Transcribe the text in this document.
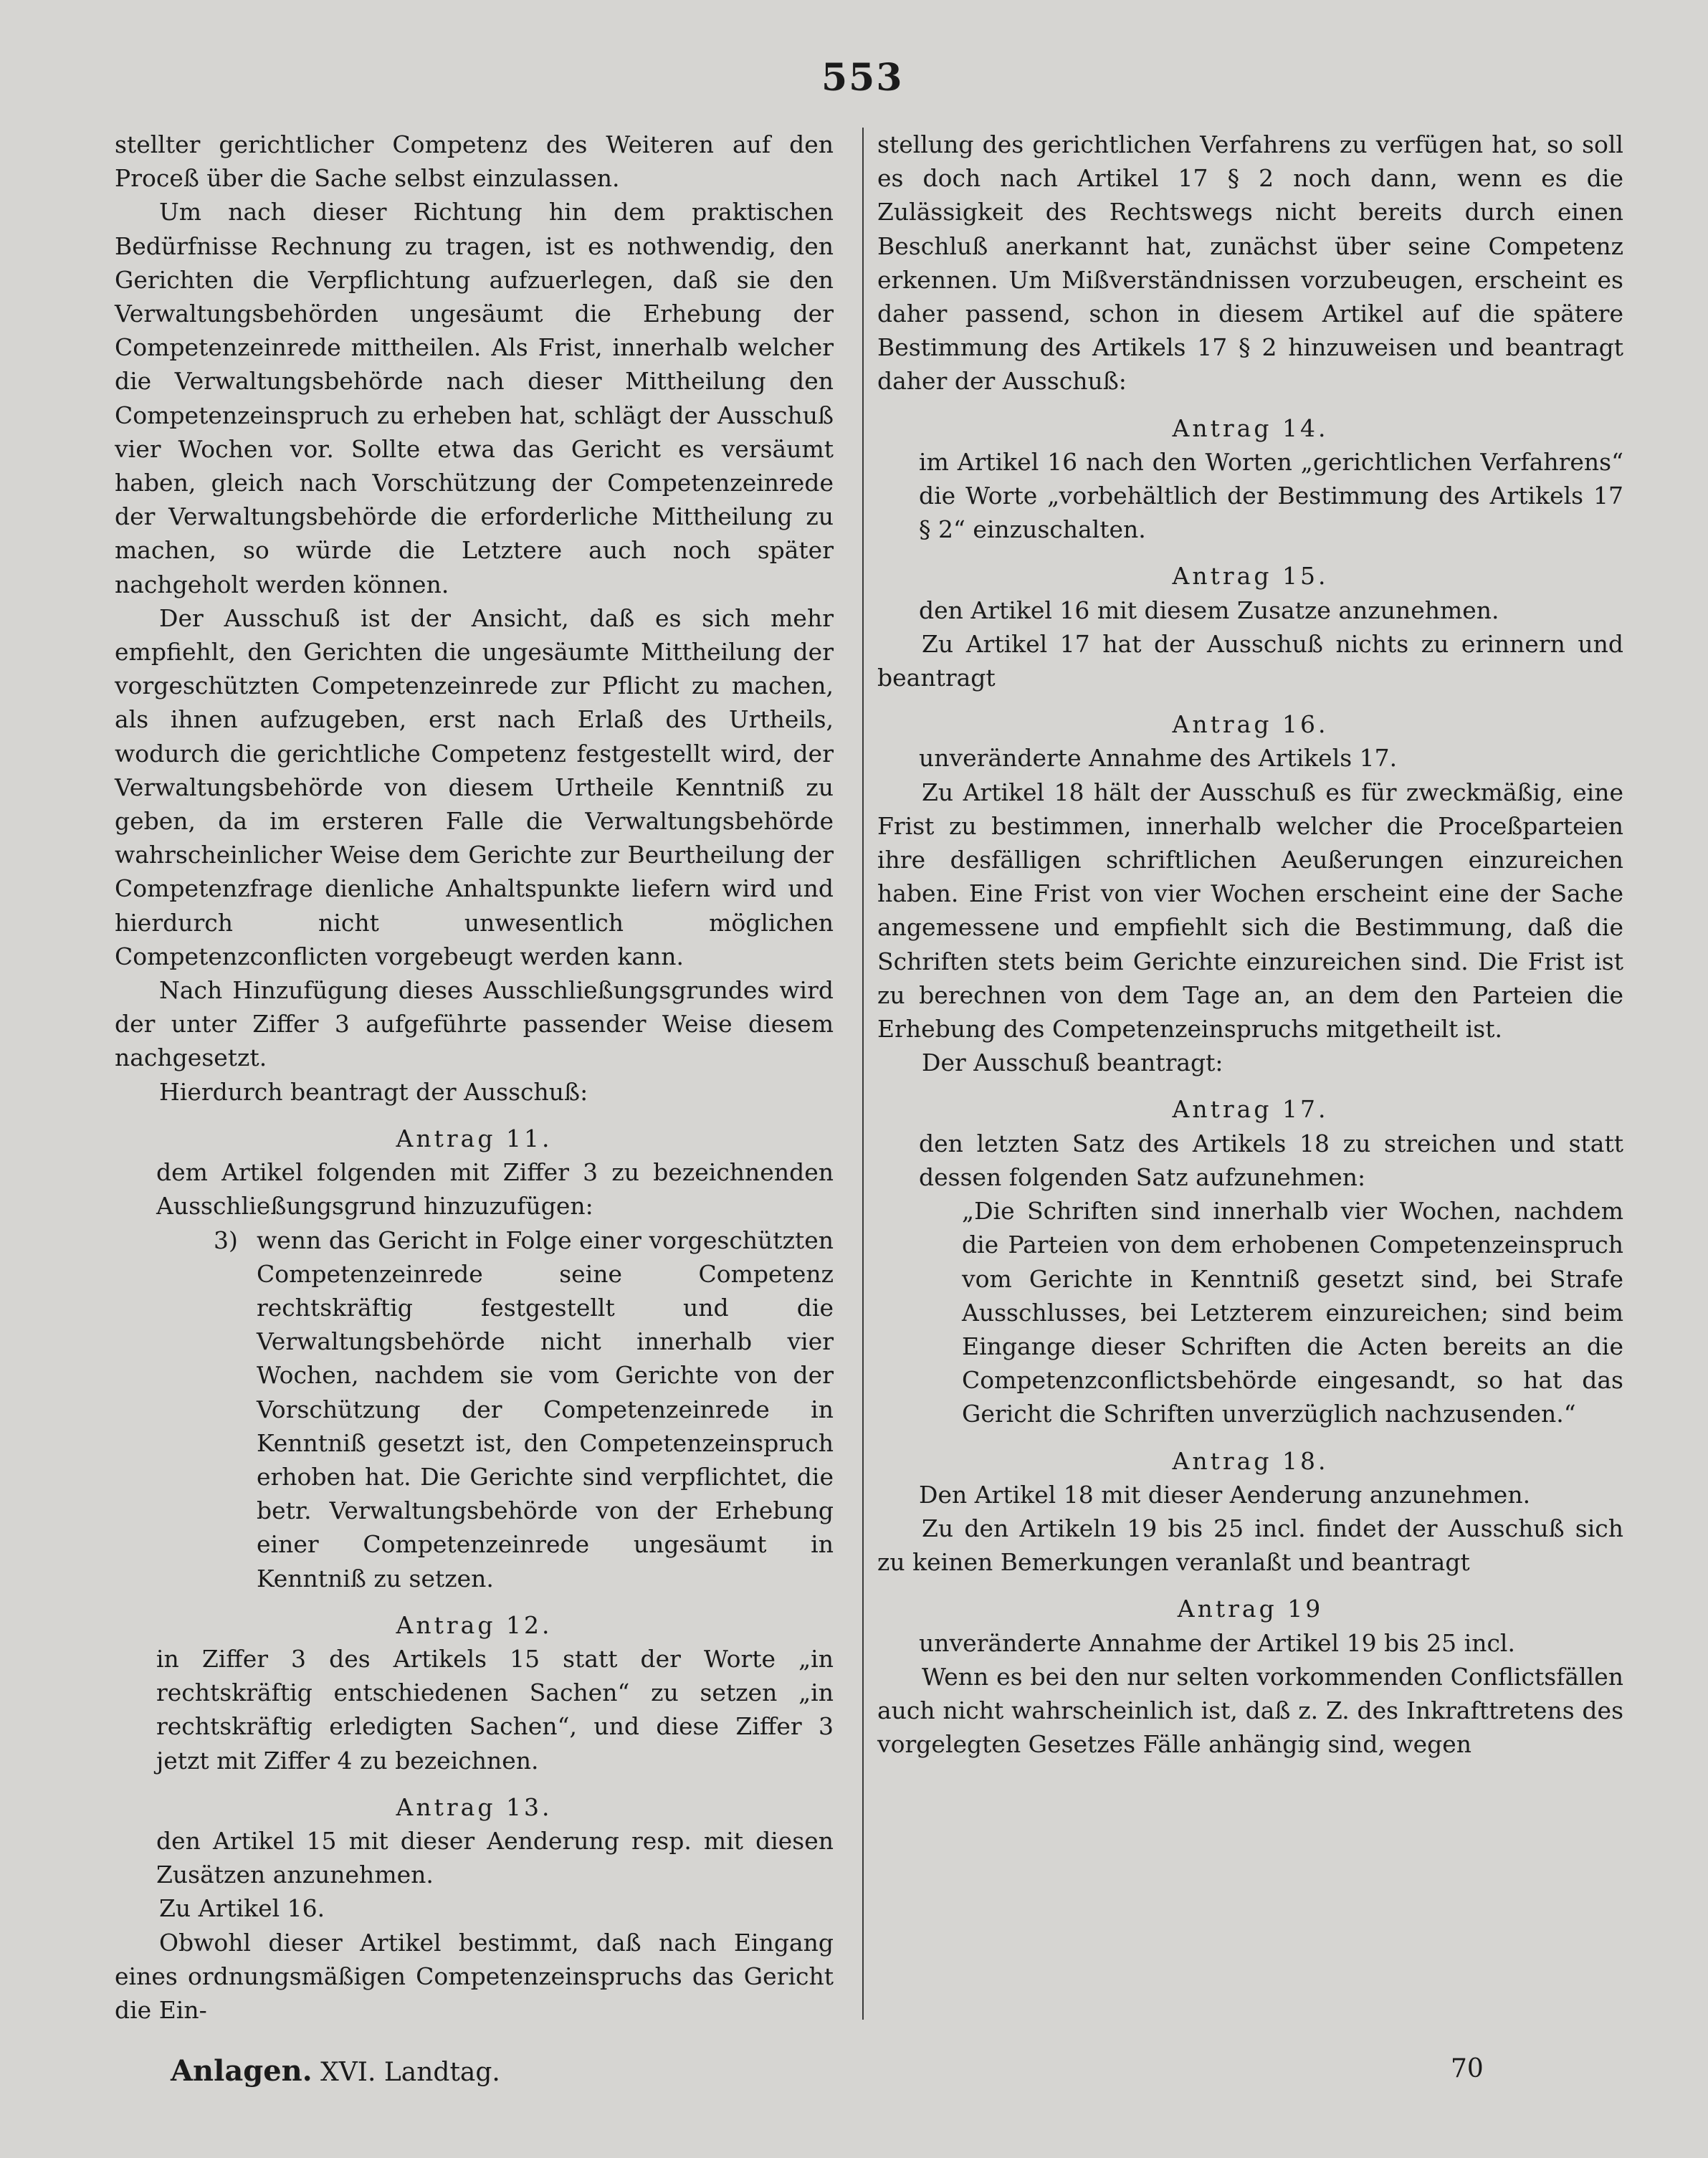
553

stellter gerichtlicher Competenz des Weiteren auf den Proceß über die Sache selbst einzulassen.

Um nach dieser Richtung hin dem praktischen Bedürfnisse Rechnung zu tragen, ist es nothwendig, den Gerichten die Verpflichtung aufzuerlegen, daß sie den Verwaltungsbehörden ungesäumt die Erhebung der Competenzeinrede mittheilen. Als Frist, innerhalb welcher die Verwaltungsbehörde nach dieser Mittheilung den Competenzeinspruch zu erheben hat, schlägt der Ausschuß vier Wochen vor. Sollte etwa das Gericht es versäumt haben, gleich nach Vorschützung der Competenzeinrede der Verwaltungsbehörde die erforderliche Mittheilung zu machen, so würde die Letztere auch noch später nachgeholt werden können.

Der Ausschuß ist der Ansicht, daß es sich mehr empfiehlt, den Gerichten die ungesäumte Mittheilung der vorgeschützten Competenzeinrede zur Pflicht zu machen, als ihnen aufzugeben, erst nach Erlaß des Urtheils, wodurch die gerichtliche Competenz festgestellt wird, der Verwaltungsbehörde von diesem Urtheile Kenntniß zu geben, da im ersteren Falle die Verwaltungsbehörde wahrscheinlicher Weise dem Gerichte zur Beurtheilung der Competenzfrage dienliche Anhaltspunkte liefern wird und hierdurch nicht unwesentlich möglichen Competenzconflicten vorgebeugt werden kann.

Nach Hinzufügung dieses Ausschließungsgrundes wird der unter Ziffer 3 aufgeführte passender Weise diesem nachgesetzt.

Hierdurch beantragt der Ausschuß:

Antrag 11.

dem Artikel folgenden mit Ziffer 3 zu bezeichnenden Ausschließungsgrund hinzuzufügen:

3) wenn das Gericht in Folge einer vorgeschützten Competenzeinrede seine Competenz rechtskräftig festgestellt und die Verwaltungsbehörde nicht innerhalb vier Wochen, nachdem sie vom Gerichte von der Vorschützung der Competenzeinrede in Kenntniß gesetzt ist, den Competenzeinspruch erhoben hat. Die Gerichte sind verpflichtet, die betr. Verwaltungsbehörde von der Erhebung einer Competenzeinrede ungesäumt in Kenntniß zu setzen.

Antrag 12.

in Ziffer 3 des Artikels 15 statt der Worte „in rechtskräftig entschiedenen Sachen“ zu setzen „in rechtskräftig erledigten Sachen“, und diese Ziffer 3 jetzt mit Ziffer 4 zu bezeichnen.

Antrag 13.

den Artikel 15 mit dieser Aenderung resp. mit diesen Zusätzen anzunehmen.

Zu Artikel 16.

Obwohl dieser Artikel bestimmt, daß nach Eingang eines ordnungsmäßigen Competenzeinspruchs das Gericht die Ein-

stellung des gerichtlichen Verfahrens zu verfügen hat, so soll es doch nach Artikel 17 § 2 noch dann, wenn es die Zulässigkeit des Rechtswegs nicht bereits durch einen Beschluß anerkannt hat, zunächst über seine Competenz erkennen. Um Mißverständnissen vorzubeugen, erscheint es daher passend, schon in diesem Artikel auf die spätere Bestimmung des Artikels 17 § 2 hinzuweisen und beantragt daher der Ausschuß:

Antrag 14.

im Artikel 16 nach den Worten „gerichtlichen Verfahrens“ die Worte „vorbehältlich der Bestimmung des Artikels 17 § 2“ einzuschalten.

Antrag 15.

den Artikel 16 mit diesem Zusatze anzunehmen.

Zu Artikel 17 hat der Ausschuß nichts zu erinnern und beantragt

Antrag 16.

unveränderte Annahme des Artikels 17.

Zu Artikel 18 hält der Ausschuß es für zweckmäßig, eine Frist zu bestimmen, innerhalb welcher die Proceßparteien ihre desfälligen schriftlichen Aeußerungen einzureichen haben. Eine Frist von vier Wochen erscheint eine der Sache angemessene und empfiehlt sich die Bestimmung, daß die Schriften stets beim Gerichte einzureichen sind. Die Frist ist zu berechnen von dem Tage an, an dem den Parteien die Erhebung des Competenzeinspruchs mitgetheilt ist.

Der Ausschuß beantragt:

Antrag 17.

den letzten Satz des Artikels 18 zu streichen und statt dessen folgenden Satz aufzunehmen:

„Die Schriften sind innerhalb vier Wochen, nachdem die Parteien von dem erhobenen Competenzeinspruch vom Gerichte in Kenntniß gesetzt sind, bei Strafe Ausschlusses, bei Letzterem einzureichen; sind beim Eingange dieser Schriften die Acten bereits an die Competenzconflictsbehörde eingesandt, so hat das Gericht die Schriften unverzüglich nachzusenden.“

Antrag 18.

Den Artikel 18 mit dieser Aenderung anzunehmen.

Zu den Artikeln 19 bis 25 incl. findet der Ausschuß sich zu keinen Bemerkungen veranlaßt und beantragt

Antrag 19

unveränderte Annahme der Artikel 19 bis 25 incl.

Wenn es bei den nur selten vorkommenden Conflictsfällen auch nicht wahrscheinlich ist, daß z. Z. des Inkrafttretens des vorgelegten Gesetzes Fälle anhängig sind, wegen

Anlagen. XVI. Landtag.	70
